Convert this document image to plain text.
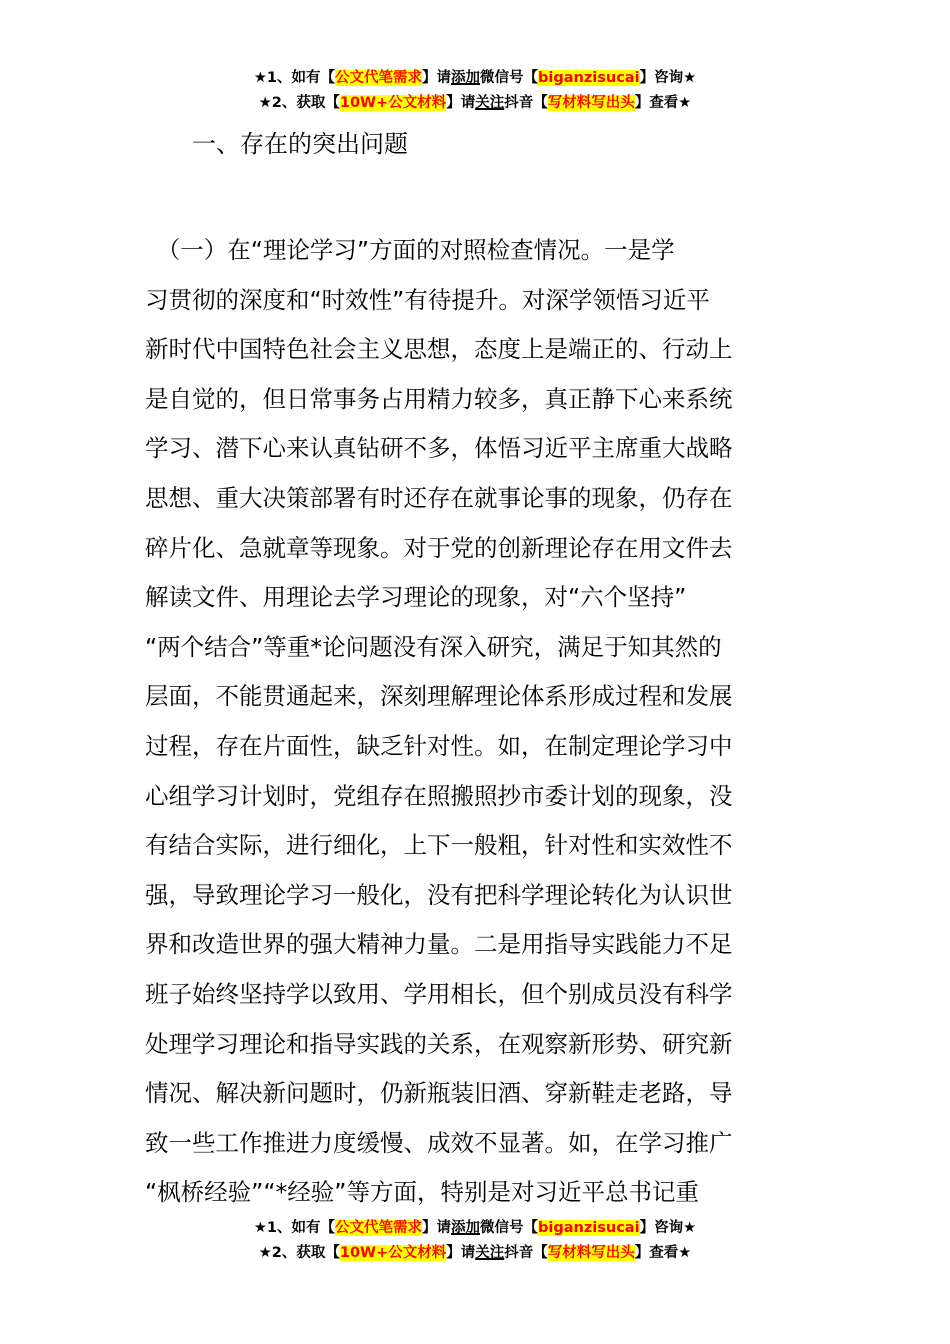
★1、如有【公文代笔需求】请添加微信号【biganzisucai】咨询★
★2、获取【10W+公文材料】请关注抖音【写材料写出头】查看★
一、存在的突出问题
　（一）在“理论学习”方面的对照检查情况。一是学
习贯彻的深度和“时效性”有待提升。对深学领悟习近平
新时代中国特色社会主义思想，态度上是端正的、行动上
是自觉的，但日常事务占用精力较多，真正静下心来系统
学习、潜下心来认真钻研不多，体悟习近平主席重大战略
思想、重大决策部署有时还存在就事论事的现象，仍存在
碎片化、急就章等现象。对于党的创新理论存在用文件去
解读文件、用理论去学习理论的现象，对“六个坚持”
“两个结合”等重*论问题没有深入研究，满足于知其然的
层面，不能贯通起来，深刻理解理论体系形成过程和发展
过程，存在片面性，缺乏针对性。如，在制定理论学习中
心组学习计划时，党组存在照搬照抄市委计划的现象，没
有结合实际，进行细化，上下一般粗，针对性和实效性不
强，导致理论学习一般化，没有把科学理论转化为认识世
界和改造世界的强大精神力量。二是用指导实践能力不足
班子始终坚持学以致用、学用相长，但个别成员没有科学
处理学习理论和指导实践的关系，在观察新形势、研究新
情况、解决新问题时，仍新瓶装旧酒、穿新鞋走老路，导
致一些工作推进力度缓慢、成效不显著。如，在学习推广
“枫桥经验”“*经验”等方面，特别是对习近平总书记重
★1、如有【公文代笔需求】请添加微信号【biganzisucai】咨询★
★2、获取【10W+公文材料】请关注抖音【写材料写出头】查看★
